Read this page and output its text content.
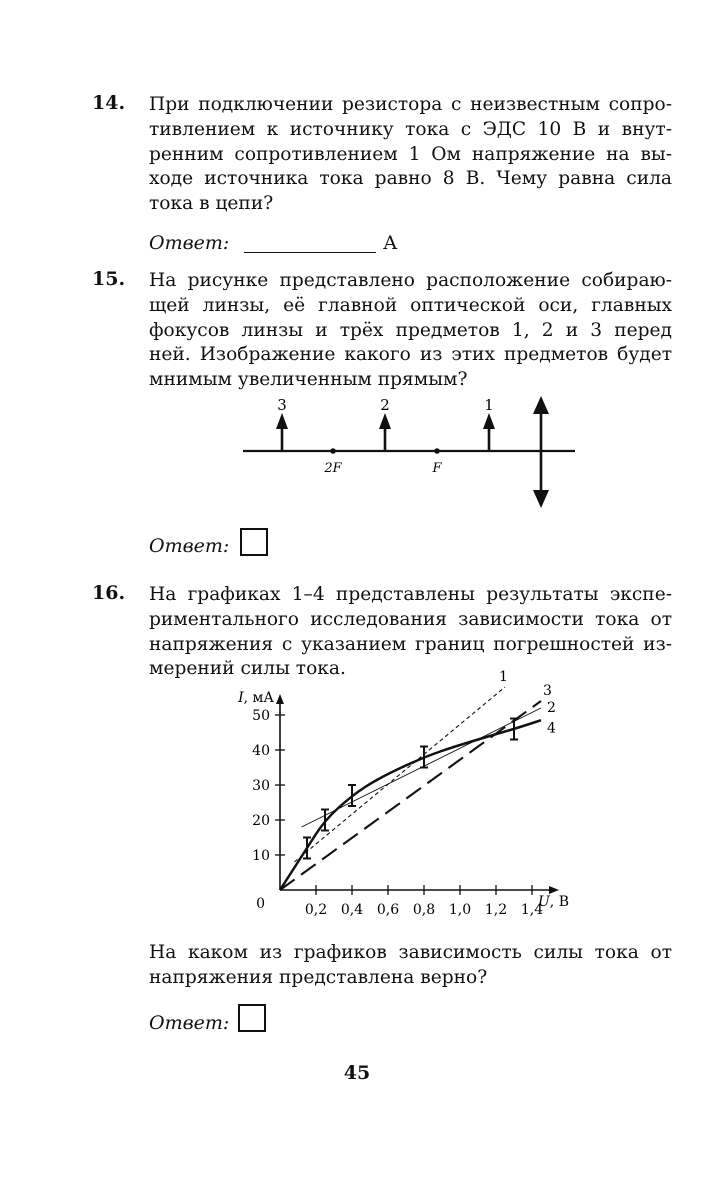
14. При подключении резистора с неизвестным сопро-
тивлением к источнику тока с ЭДС 10 В и внут-
ренним сопротивлением 1 Ом напряжение на вы-
ходе источника тока равно 8 В. Чему равна сила
тока в цепи?
Ответ:	А
15. На рисунке представлено расположение собираю-
щей линзы, её главной оптической оси, главных
фокусов линзы и трёх предметов 1, 2 и 3 перед
ней. Изображение какого из этих предметов будет
мнимым увеличенным прямым?
3	2	1
2F	F
Ответ:
16. На графиках 1–4 представлены результаты экспе-
риментального исследования зависимости тока от
напряжения с указанием границ погрешностей из-
мерений силы тока.
0,2 0,4 0,6 0,8 1,0 1,2 1,4
10
20
30
40
50
0
I, мА
U, В
1
2
3
4
На каком из графиков зависимость силы тока от
напряжения представлена верно?
Ответ:
45
